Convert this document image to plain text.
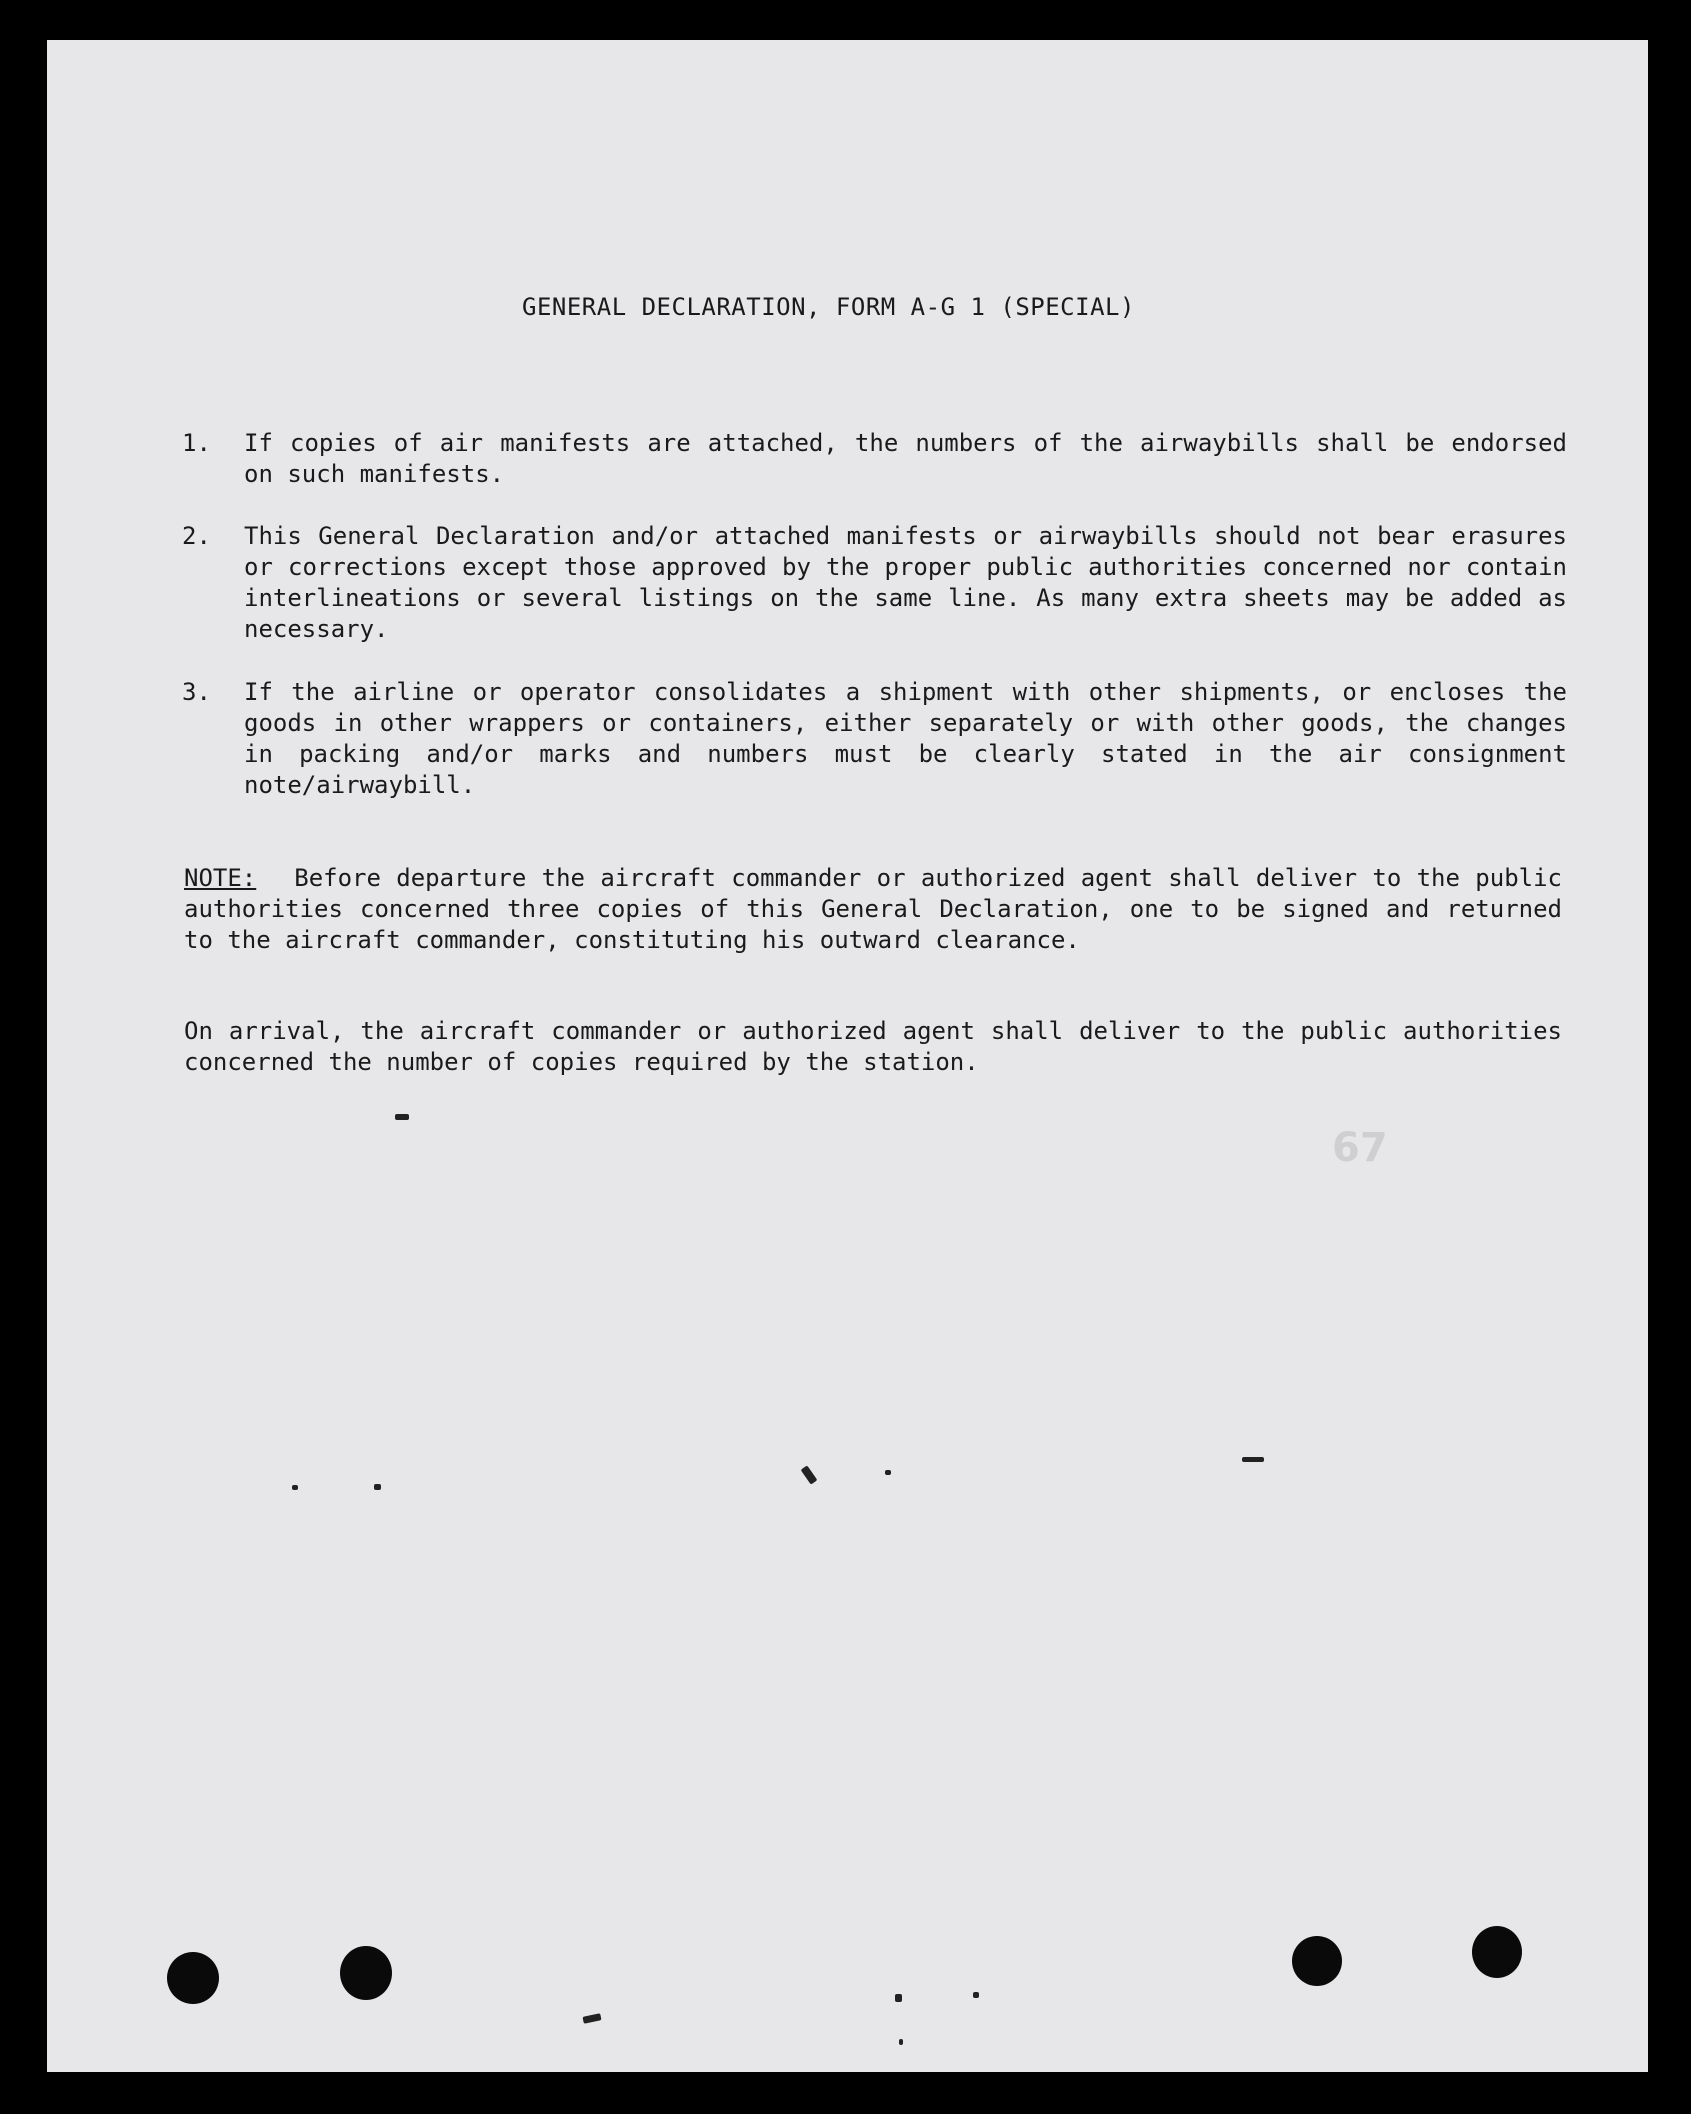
GENERAL DECLARATION, FORM A-G 1 (SPECIAL)
1. If copies of air manifests are attached, the numbers of the airwaybills shall be endorsed on such manifests.
2. This General Declaration and/or attached manifests or airwaybills should not bear erasures or corrections except those approved by the proper public authorities concerned nor contain interlineations or several listings on the same line. As many extra sheets may be added as necessary.
3. If the airline or operator consolidates a shipment with other shipments, or encloses the goods in other wrappers or containers, either separately or with other goods, the changes in packing and/or marks and numbers must be clearly stated in the air consignment note/airwaybill.
NOTE: Before departure the aircraft commander or authorized agent shall deliver to the public authorities concerned three copies of this General Declaration, one to be signed and returned to the aircraft commander, constituting his outward clearance.
On arrival, the aircraft commander or authorized agent shall deliver to the public authorities concerned the number of copies required by the station.
67
